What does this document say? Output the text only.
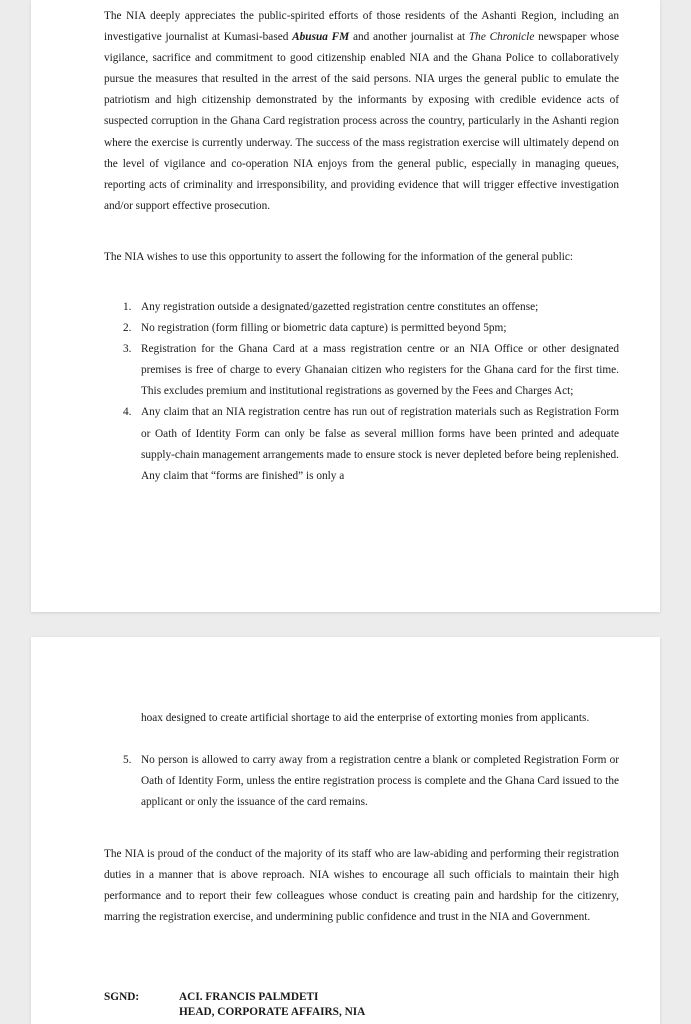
The NIA deeply appreciates the public-spirited efforts of those residents of the Ashanti Region, including an investigative journalist at Kumasi-based Abusua FM and another journalist at The Chronicle newspaper whose vigilance, sacrifice and commitment to good citizenship enabled NIA and the Ghana Police to collaboratively pursue the measures that resulted in the arrest of the said persons. NIA urges the general public to emulate the patriotism and high citizenship demonstrated by the informants by exposing with credible evidence acts of suspected corruption in the Ghana Card registration process across the country, particularly in the Ashanti region where the exercise is currently underway. The success of the mass registration exercise will ultimately depend on the level of vigilance and co-operation NIA enjoys from the general public, especially in managing queues, reporting acts of criminality and irresponsibility, and providing evidence that will trigger effective investigation and/or support effective prosecution.

The NIA wishes to use this opportunity to assert the following for the information of the general public:

1. Any registration outside a designated/gazetted registration centre constitutes an offense;
2. No registration (form filling or biometric data capture) is permitted beyond 5pm;
3. Registration for the Ghana Card at a mass registration centre or an NIA Office or other designated premises is free of charge to every Ghanaian citizen who registers for the Ghana card for the first time. This excludes premium and institutional registrations as governed by the Fees and Charges Act;
4. Any claim that an NIA registration centre has run out of registration materials such as Registration Form or Oath of Identity Form can only be false as several million forms have been printed and adequate supply-chain management arrangements made to ensure stock is never depleted before being replenished. Any claim that “forms are finished” is only a
hoax designed to create artificial shortage to aid the enterprise of extorting monies from applicants.
5. No person is allowed to carry away from a registration centre a blank or completed Registration Form or Oath of Identity Form, unless the entire registration process is complete and the Ghana Card issued to the applicant or only the issuance of the card remains.

The NIA is proud of the conduct of the majority of its staff who are law-abiding and performing their registration duties in a manner that is above reproach. NIA wishes to encourage all such officials to maintain their high performance and to report their few colleagues whose conduct is creating pain and hardship for the citizenry, marring the registration exercise, and undermining public confidence and trust in the NIA and Government.

SGND:	ACI. FRANCIS PALMDETI
HEAD, CORPORATE AFFAIRS, NIA
